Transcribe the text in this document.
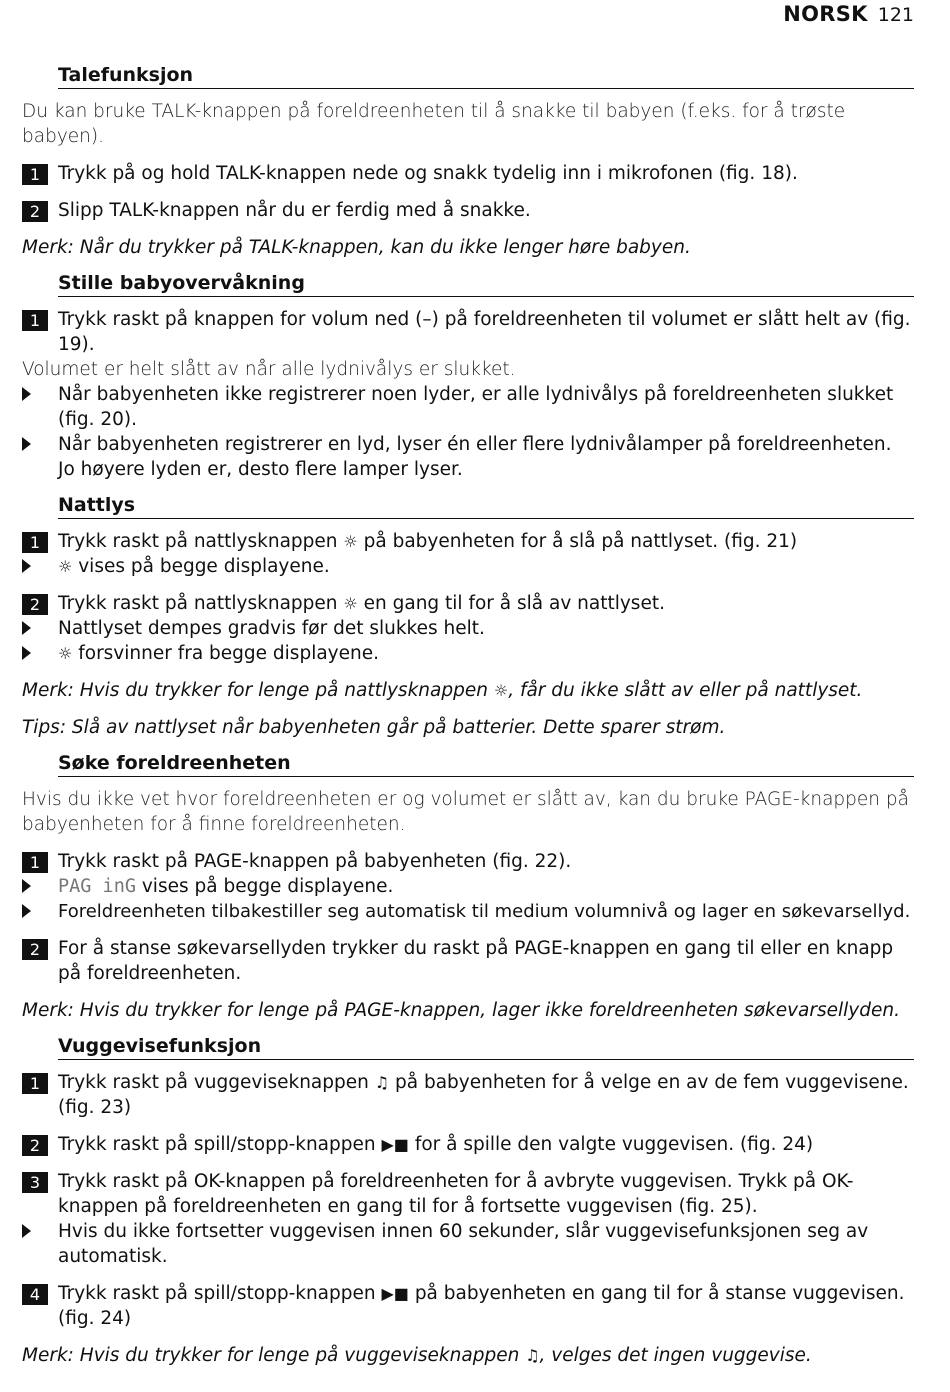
NORSK 121
Talefunksjon
Du kan bruke TALK-knappen på foreldreenheten til å snakke til babyen (f.eks. for å trøste babyen).
1 Trykk på og hold TALK-knappen nede og snakk tydelig inn i mikrofonen (fig. 18).
2 Slipp TALK-knappen når du er ferdig med å snakke.
Merk: Når du trykker på TALK-knappen, kan du ikke lenger høre babyen.
Stille babyovervåkning
1 Trykk raskt på knappen for volum ned (–) på foreldreenheten til volumet er slått helt av (fig. 19).
Volumet er helt slått av når alle lydnivålys er slukket.
Når babyenheten ikke registrerer noen lyder, er alle lydnivålys på foreldreenheten slukket (fig. 20).
Når babyenheten registrerer en lyd, lyser én eller flere lydnivålamper på foreldreenheten. Jo høyere lyden er, desto flere lamper lyser.
Nattlys
1 Trykk raskt på nattlysknappen ☼ på babyenheten for å slå på nattlyset. (fig. 21)
☼ vises på begge displayene.
2 Trykk raskt på nattlysknappen ☼ en gang til for å slå av nattlyset.
Nattlyset dempes gradvis før det slukkes helt.
☼ forsvinner fra begge displayene.
Merk: Hvis du trykker for lenge på nattlysknappen ☼, får du ikke slått av eller på nattlyset.
Tips: Slå av nattlyset når babyenheten går på batterier. Dette sparer strøm.
Søke foreldreenheten
Hvis du ikke vet hvor foreldreenheten er og volumet er slått av, kan du bruke PAGE-knappen på babyenheten for å finne foreldreenheten.
1 Trykk raskt på PAGE-knappen på babyenheten (fig. 22).
PAG inG vises på begge displayene.
Foreldreenheten tilbakestiller seg automatisk til medium volumnivå og lager en søkevarsellyd.
2 For å stanse søkevarsellyden trykker du raskt på PAGE-knappen en gang til eller en knapp på foreldreenheten.
Merk: Hvis du trykker for lenge på PAGE-knappen, lager ikke foreldreenheten søkevarsellyden.
Vuggevisefunksjon
1 Trykk raskt på vuggeviseknappen ♫ på babyenheten for å velge en av de fem vuggevisene. (fig. 23)
2 Trykk raskt på spill/stopp-knappen ▶■ for å spille den valgte vuggevisen. (fig. 24)
3 Trykk raskt på OK-knappen på foreldreenheten for å avbryte vuggevisen. Trykk på OK-knappen på foreldreenheten en gang til for å fortsette vuggevisen (fig. 25).
Hvis du ikke fortsetter vuggevisen innen 60 sekunder, slår vuggevisefunksjonen seg av automatisk.
4 Trykk raskt på spill/stopp-knappen ▶■ på babyenheten en gang til for å stanse vuggevisen. (fig. 24)
Merk: Hvis du trykker for lenge på vuggeviseknappen ♫, velges det ingen vuggevise.
